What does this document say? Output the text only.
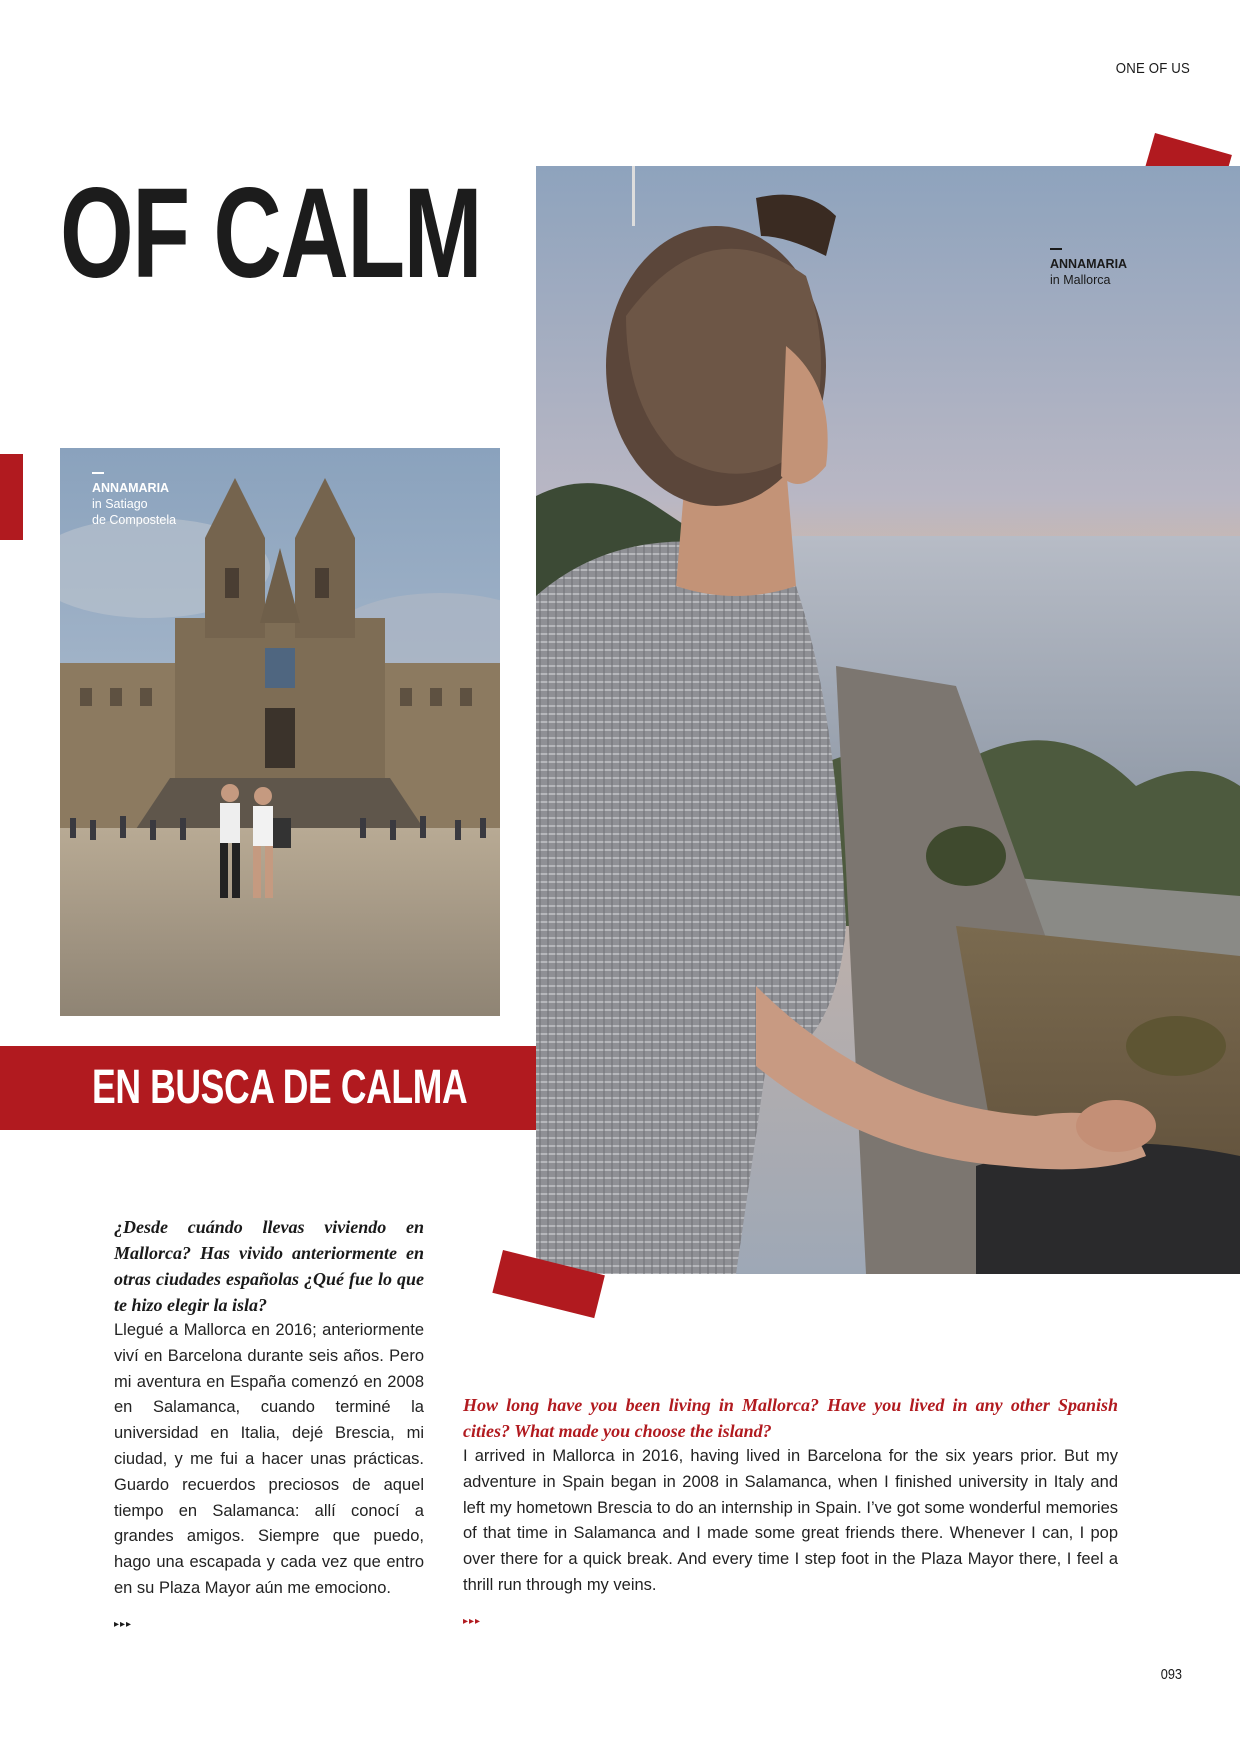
ONE OF US
OF CALM	ANNAMARIA
in Mallorca
ANNAMARIA
in Satiago
de Compostela
EN BUSCA DE CALMA

¿Desde cuándo llevas viviendo en Mallorca? Has vivido anteriormente en otras ciudades españolas ¿Qué fue lo que te hizo elegir la isla?

Llegué a Mallorca en 2016; anteriormente viví en Barcelona durante seis años. Pero mi aventura en España comenzó en 2008 en Salamanca, cuando terminé la universidad en Italia, dejé Brescia, mi ciudad, y me fui a hacer unas prácticas. Guardo recuerdos preciosos de aquel tiempo en Salamanca: allí conocí a grandes amigos. Siempre que puedo, hago una escapada y cada vez que entro en su Plaza Mayor aún me emociono.

▸▸▸

How long have you been living in Mallorca? Have you lived in any other Spanish cities? What made you choose the island?

I arrived in Mallorca in 2016, having lived in Barcelona for the six years prior. But my adventure in Spain began in 2008 in Salamanca, when I finished university in Italy and left my hometown Brescia to do an internship in Spain. I’ve got some wonderful memories of that time in Salamanca and I made some great friends there. Whenever I can, I pop over there for a quick break. And every time I step foot in the Plaza Mayor there, I feel a thrill run through my veins.

▸▸▸
093
